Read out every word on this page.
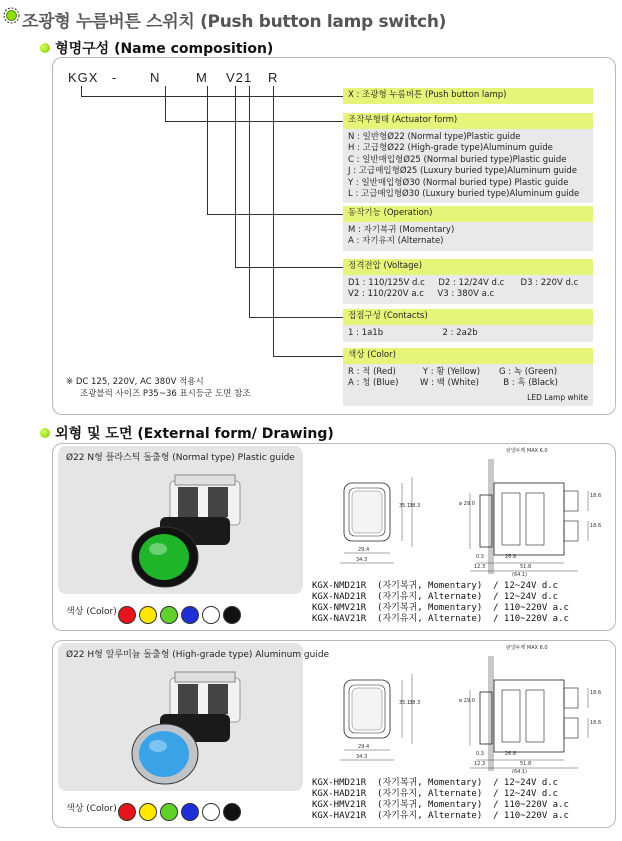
조광형 누름버튼 스위치 (Push button lamp switch)
형명구성 (Name composition)
KGX -	N	M V2 1 R
X : 조광형 누름버튼 (Push button lamp)
조작부형태 (Actuator form)
N : 일반형Ø22 (Normal type)Plastic guide
H : 고급형Ø22 (High-grade type)Aluminum guide
C : 일반매입형Ø25 (Normal buried type)Plastic guide
J : 고급매입형Ø25 (Luxury buried type)Aluminum guide
Y : 일반매입형Ø30 (Normal buried type) Plastic guide
L : 고급매입형Ø30 (Luxury buried type)Aluminum guide
동작기능 (Operation)
M : 자기복귀 (Momentary)
A : 자기유지 (Alternate)
정격전압 (Voltage)
D1 : 110/125V d.c     D2 : 12/24V d.c      D3 : 220V d.c
V2 : 110/220V a.c     V3 : 380V a.c
접점구성 (Contacts)
1 : 1a1b                      2 : 2a2b
색상 (Color)
R : 적 (Red)          Y : 황 (Yellow)       G : 녹 (Green)
A : 청 (Blue)        W : 백 (White)         B : 흑 (Black)
LED Lamp white
※ DC 125, 220V, AC 380V 적용시
조광블럭 사이즈 P35~36 표시등군 도면 참조
외형 및 도면 (External form/ Drawing)
Ø22 N형 플라스틱 돌출형 (Normal type) Plastic guide
색상 (Color)
29.4
34.3
35.1
38.3
0.3	26.8
12.3	51.8
(64.1)
ø 29.0
18.6
18.6
판넬두께 MAX 6.0
KGX-NMD21R  (자기복귀, Momentary)  / 12~24V d.c
KGX-NAD21R  (자기유지, Alternate)  / 12~24V d.c
KGX-NMV21R  (자기복귀, Momentary)  / 110~220V a.c
KGX-NAV21R  (자기유지, Alternate)  / 110~220V a.c
Ø22 H형 알루미늄 돌출형 (High-grade type) Aluminum guide
색상 (Color)
29.4
34.3
35.1
38.3
0.3	26.8
12.3	51.8
(64.1)
ø 29.0
18.6
18.6
판넬두께 MAX 6.0
KGX-HMD21R  (자기복귀, Momentary)  / 12~24V d.c
KGX-HAD21R  (자기유지, Alternate)  / 12~24V d.c
KGX-HMV21R  (자기복귀, Momentary)  / 110~220V a.c
KGX-HAV21R  (자기유지, Alternate)  / 110~220V a.c
